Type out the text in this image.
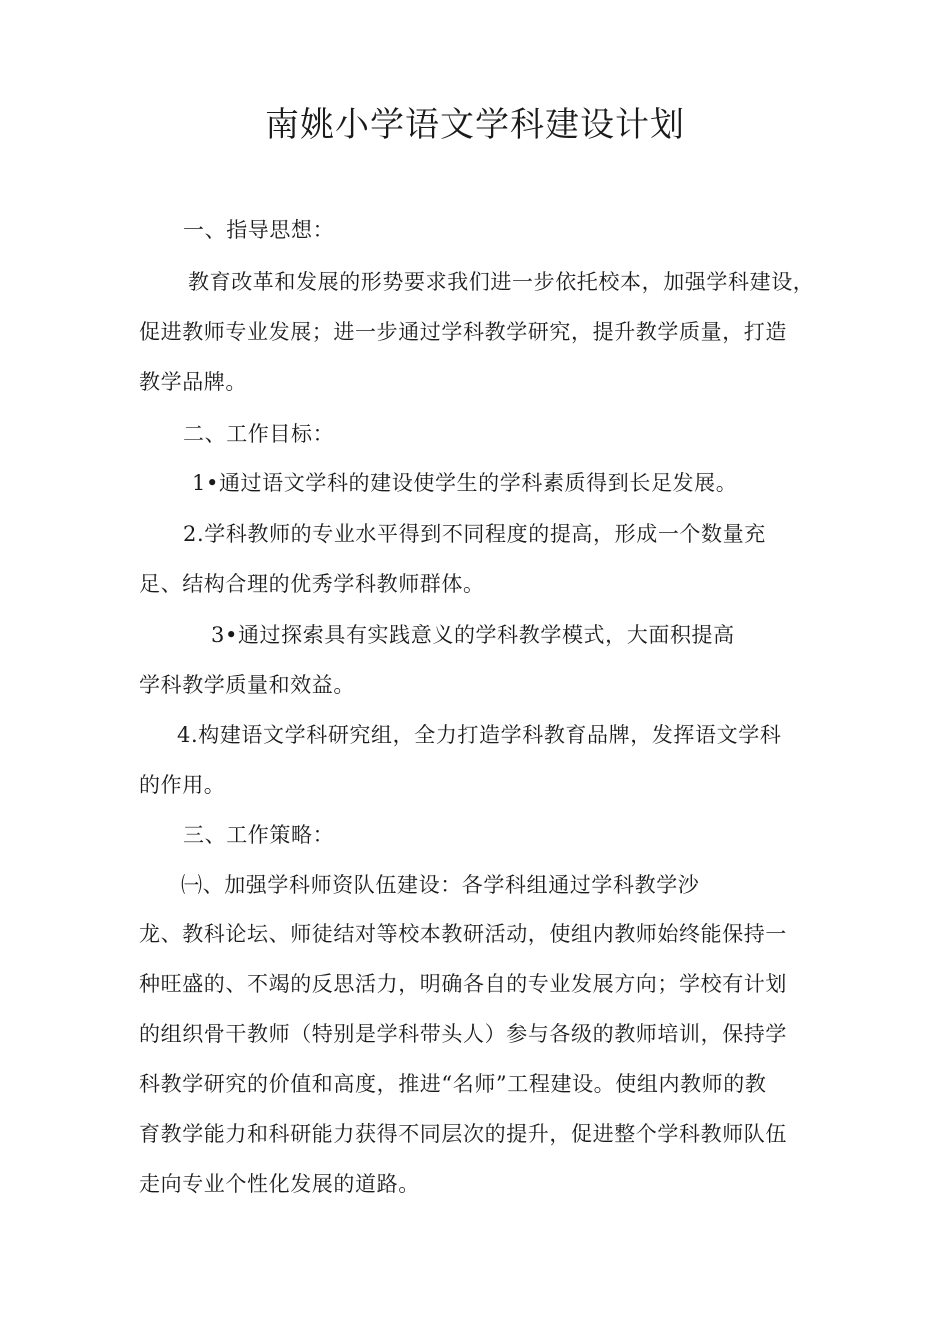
南姚小学语文学科建设计划
一、指导思想：
教育改革和发展的形势要求我们进一步依托校本，加强学科建设，
促进教师专业发展；进一步通过学科教学研究，提升教学质量，打造
教学品牌。
二、工作目标：
1•通过语文学科的建设使学生的学科素质得到长足发展。
2.学科教师的专业水平得到不同程度的提高，形成一个数量充
足、结构合理的优秀学科教师群体。
3•通过探索具有实践意义的学科教学模式，大面积提高
学科教学质量和效益。
4.构建语文学科研究组，全力打造学科教育品牌，发挥语文学科
的作用。
三、工作策略：
㈠、加强学科师资队伍建设：各学科组通过学科教学沙
龙、教科论坛、师徒结对等校本教研活动，使组内教师始终能保持一
种旺盛的、不竭的反思活力，明确各自的专业发展方向；学校有计划
的组织骨干教师（特别是学科带头人）参与各级的教师培训，保持学
科教学研究的价值和高度，推进“名师”工程建设。使组内教师的教
育教学能力和科研能力获得不同层次的提升，促进整个学科教师队伍
走向专业个性化发展的道路。
